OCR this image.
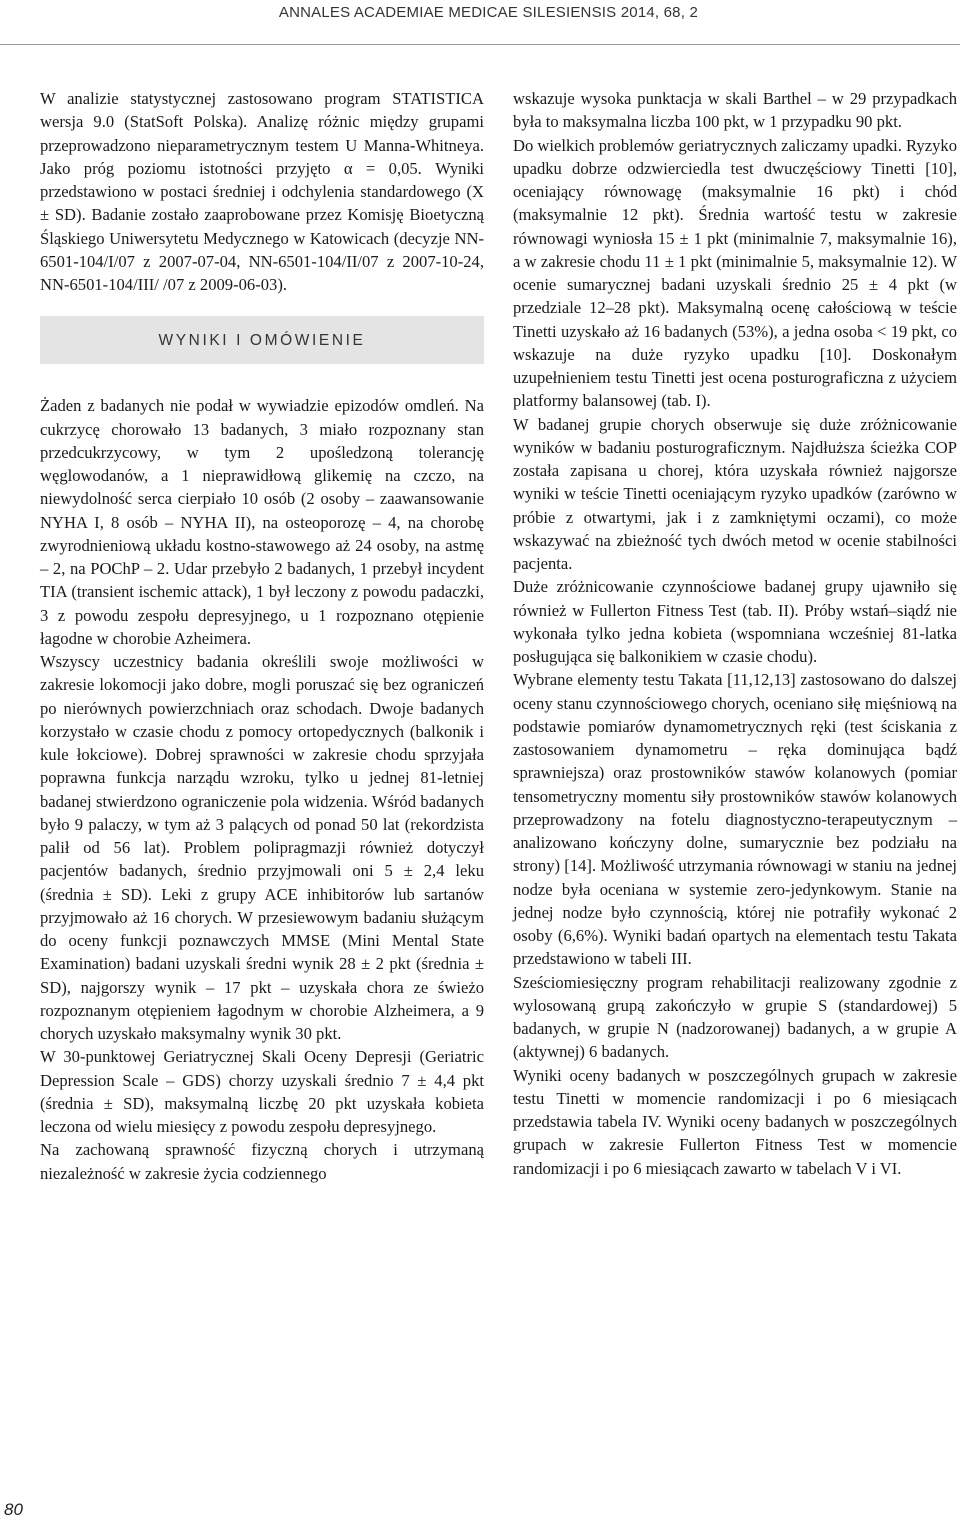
ANNALES ACADEMIAE MEDICAE SILESIENSIS 2014, 68, 2

W analizie statystycznej zastosowano program STATISTICA wersja 9.0 (StatSoft Polska). Analizę różnic między grupami przeprowadzono nieparametrycznym testem U Manna-Whitneya. Jako próg poziomu istotności przyjęto α = 0,05. Wyniki przedstawiono w postaci średniej i odchylenia standardowego (X ± SD). Badanie zostało zaaprobowane przez Komisję Bioetyczną Śląskiego Uniwersytetu Medycznego w Katowicach (decyzje NN-6501-104/I/07 z 2007-07-04, NN-6501-104/II/07 z 2007-10-24, NN-6501-104/III/ /07 z 2009-06-03).

WYNIKI I OMÓWIENIE

Żaden z badanych nie podał w wywiadzie epizodów omdleń. Na cukrzycę chorowało 13 badanych, 3 miało rozpoznany stan przedcukrzycowy, w tym 2 upośledzoną tolerancję węglowodanów, a 1 nieprawidłową glikemię na czczo, na niewydolność serca cierpiało 10 osób (2 osoby – zaawansowanie NYHA I, 8 osób – NYHA II), na osteoporozę – 4, na chorobę zwyrodnieniową układu kostno-stawowego aż 24 osoby, na astmę – 2, na POChP – 2. Udar przebyło 2 badanych, 1 przebył incydent TIA (transient ischemic attack), 1 był leczony z powodu padaczki, 3 z powodu zespołu depresyjnego, u 1 rozpoznano otępienie łagodne w chorobie Azheimera.

Wszyscy uczestnicy badania określili swoje możliwości w zakresie lokomocji jako dobre, mogli poruszać się bez ograniczeń po nierównych powierzchniach oraz schodach. Dwoje badanych korzystało w czasie chodu z pomocy ortopedycznych (balkonik i kule łokciowe). Dobrej sprawności w zakresie chodu sprzyjała poprawna funkcja narządu wzroku, tylko u jednej 81-letniej badanej stwierdzono ograniczenie pola widzenia. Wśród badanych było 9 palaczy, w tym aż 3 palących od ponad 50 lat (rekordzista palił od 56 lat). Problem polipragmazji również dotyczył pacjentów badanych, średnio przyjmowali oni 5 ± 2,4 leku (średnia ± SD). Leki z grupy ACE inhibitorów lub sartanów przyjmowało aż 16 chorych. W przesiewowym badaniu służącym do oceny funkcji poznawczych MMSE (Mini Mental State Examination) badani uzyskali średni wynik 28 ± 2 pkt (średnia ± SD), najgorszy wynik – 17 pkt – uzyskała chora ze świeżo rozpoznanym otępieniem łagodnym w chorobie Alzheimera, a 9 chorych uzyskało maksymalny wynik 30 pkt.

W 30-punktowej Geriatrycznej Skali Oceny Depresji (Geriatric Depression Scale – GDS) chorzy uzyskali średnio 7 ± 4,4 pkt (średnia ± SD), maksymalną liczbę 20 pkt uzyskała kobieta leczona od wielu miesięcy z powodu zespołu depresyjnego.

Na zachowaną sprawność fizyczną chorych i utrzymaną niezależność w zakresie życia codziennego

wskazuje wysoka punktacja w skali Barthel – w 29 przypadkach była to maksymalna liczba 100 pkt, w 1 przypadku 90 pkt.

Do wielkich problemów geriatrycznych zaliczamy upadki. Ryzyko upadku dobrze odzwierciedla test dwuczęściowy Tinetti [10], oceniający równowagę (maksymalnie 16 pkt) i chód (maksymalnie 12 pkt). Średnia wartość testu w zakresie równowagi wyniosła 15 ± 1 pkt (minimalnie 7, maksymalnie 16), a w zakresie chodu 11 ± 1 pkt (minimalnie 5, maksymalnie 12). W ocenie sumarycznej badani uzyskali średnio 25 ± 4 pkt (w przedziale 12–28 pkt). Maksymalną ocenę całościową w teście Tinetti uzyskało aż 16 badanych (53%), a jedna osoba < 19 pkt, co wskazuje na duże ryzyko upadku [10]. Doskonałym uzupełnieniem testu Tinetti jest ocena posturograficzna z użyciem platformy balansowej (tab. I).

W badanej grupie chorych obserwuje się duże zróżnicowanie wyników w badaniu posturograficznym. Najdłuższa ścieżka COP została zapisana u chorej, która uzyskała również najgorsze wyniki w teście Tinetti oceniającym ryzyko upadków (zarówno w próbie z otwartymi, jak i z zamkniętymi oczami), co może wskazywać na zbieżność tych dwóch metod w ocenie stabilności pacjenta.

Duże zróżnicowanie czynnościowe badanej grupy ujawniło się również w Fullerton Fitness Test (tab. II). Próby wstań–siądź nie wykonała tylko jedna kobieta (wspomniana wcześniej 81-latka posługująca się balkonikiem w czasie chodu).

Wybrane elementy testu Takata [11,12,13] zastosowano do dalszej oceny stanu czynnościowego chorych, oceniano siłę mięśniową na podstawie pomiarów dynamometrycznych ręki (test ściskania z zastosowaniem dynamometru – ręka dominująca bądź sprawniejsza) oraz prostowników stawów kolanowych (pomiar tensometryczny momentu siły prostowników stawów kolanowych przeprowadzony na fotelu diagnostyczno-terapeutycznym – analizowano kończyny dolne, sumarycznie bez podziału na strony) [14]. Możliwość utrzymania równowagi w staniu na jednej nodze była oceniana w systemie zero-jedynkowym. Stanie na jednej nodze było czynnością, której nie potrafiły wykonać 2 osoby (6,6%). Wyniki badań opartych na elementach testu Takata przedstawiono w tabeli III.

Sześciomiesięczny program rehabilitacji realizowany zgodnie z wylosowaną grupą zakończyło w grupie S (standardowej) 5 badanych, w grupie N (nadzorowanej) badanych, a w grupie A (aktywnej) 6 badanych.

Wyniki oceny badanych w poszczególnych grupach w zakresie testu Tinetti w momencie randomizacji i po 6 miesiącach przedstawia tabela IV. Wyniki oceny badanych w poszczególnych grupach w zakresie Fullerton Fitness Test w momencie randomizacji i po 6 miesiącach zawarto w tabelach V i VI.

80
